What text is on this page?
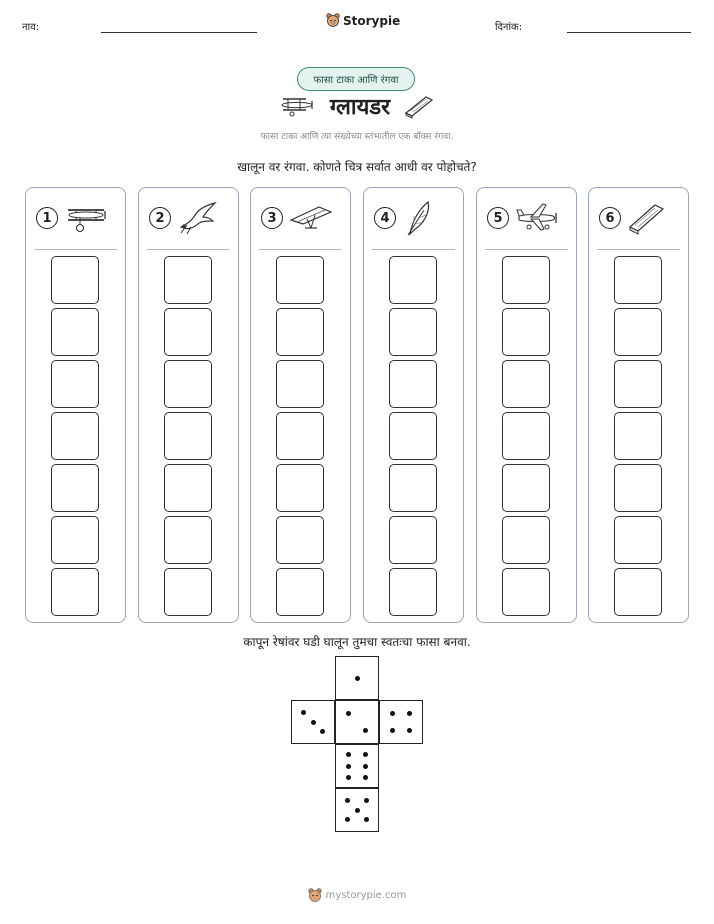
नाव:	Storypie	दिनांक:
फासा टाका आणि रंगवा
ग्लायडर
फासा टाका आणि त्या संख्येच्या स्तंभातील एक बॉक्स रंगवा.
खालून वर रंगवा. कोणते चित्र सर्वात आधी वर पोहोचते?
1	2	3	4	5	6
कापून रेषांवर घडी घालून तुमचा स्वतःचा फासा बनवा.
mystorypie.com
